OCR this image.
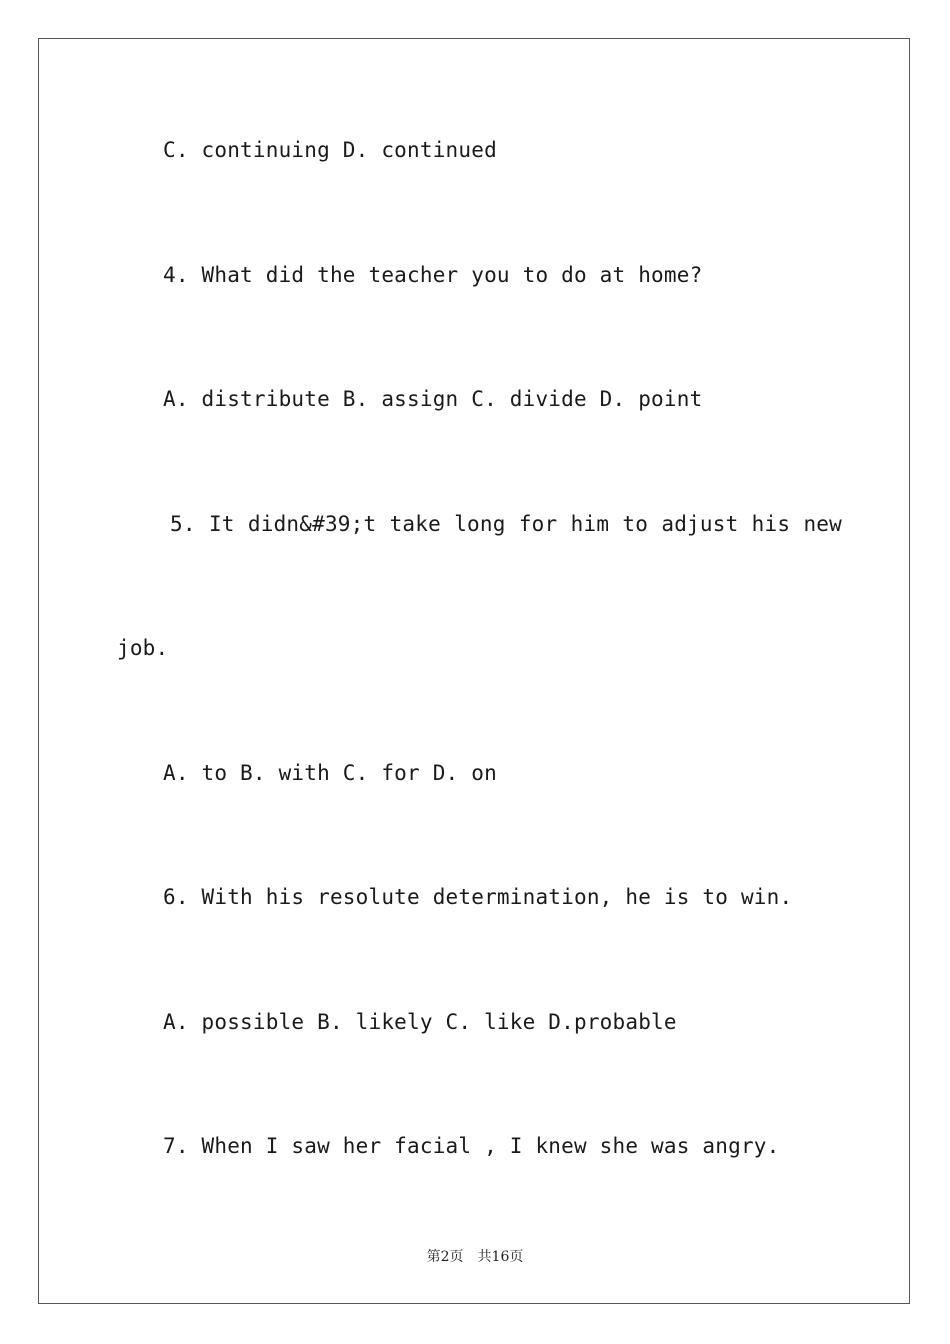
C. continuing D. continued
4. What did the teacher you to do at home?
A. distribute B. assign C. divide D. point
5. It didn&#39;t take long for him to adjust his new
job.
A. to B. with C. for D. on
6. With his resolute determination, he is to win.
A. possible B. likely C. like D.probable
7. When I saw her facial , I knew she was angry.
第2页　共16页
